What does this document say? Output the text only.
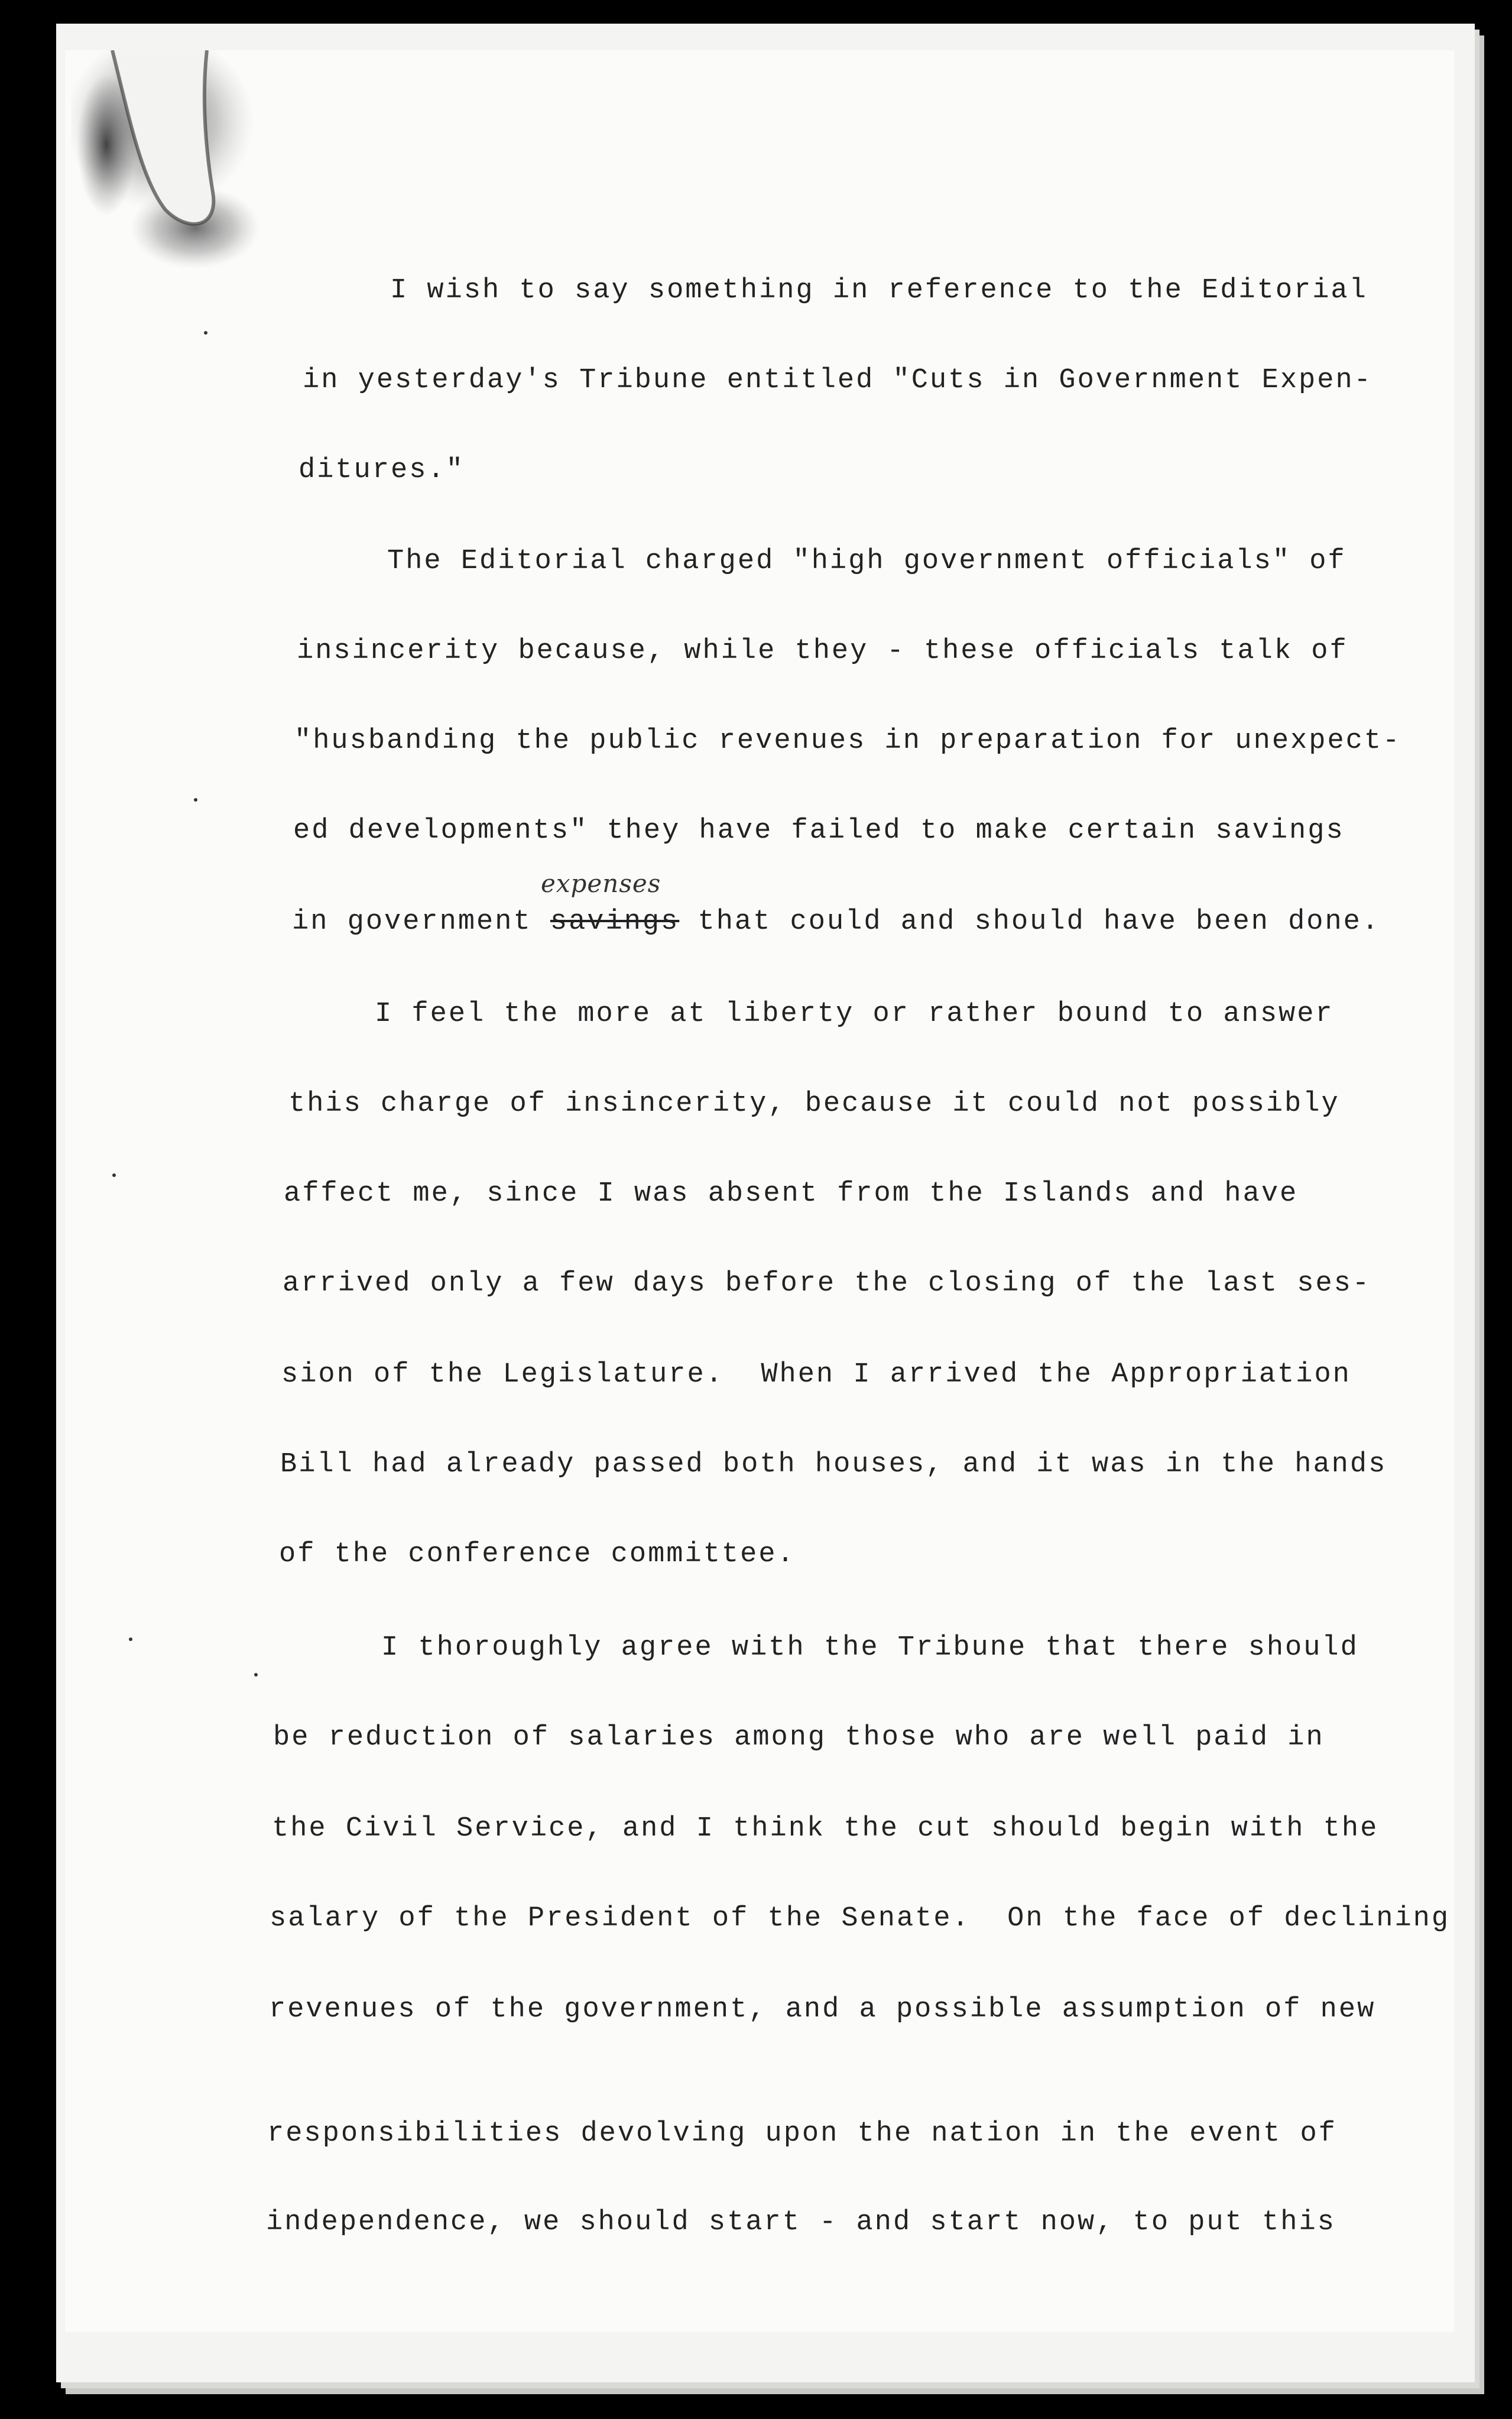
I wish to say something in reference to the Editorial
in yesterday's Tribune entitled "Cuts in Government Expen-
ditures."
The Editorial charged "high government officials" of
insincerity because, while they - these officials talk of
"husbanding the public revenues in preparation for unexpect-
ed developments" they have failed to make certain savings
in government savings that could and should have been done.
expenses
I feel the more at liberty or rather bound to answer
this charge of insincerity, because it could not possibly
affect me, since I was absent from the Islands and have
arrived only a few days before the closing of the last ses-
sion of the Legislature.  When I arrived the Appropriation
Bill had already passed both houses, and it was in the hands
of the conference committee.
I thoroughly agree with the Tribune that there should
be reduction of salaries among those who are well paid in
the Civil Service, and I think the cut should begin with the
salary of the President of the Senate.  On the face of declining
revenues of the government, and a possible assumption of new
responsibilities devolving upon the nation in the event of
independence, we should start - and start now, to put this
